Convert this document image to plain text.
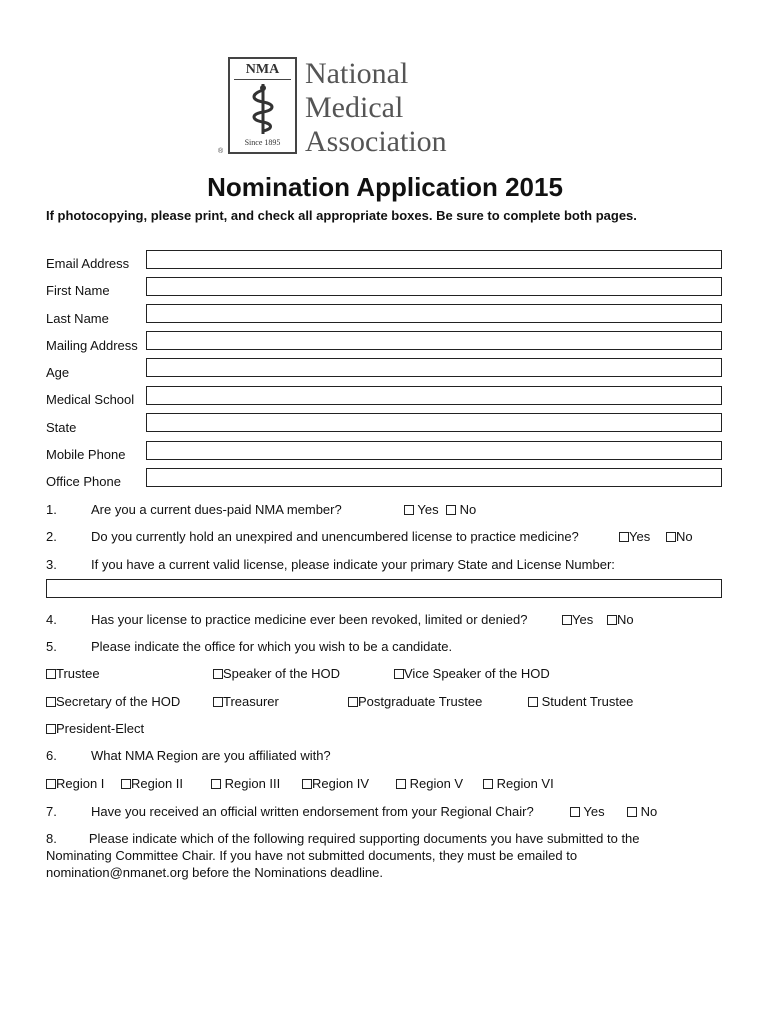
NMA
Since 1895
®
National
Medical
Association
Nomination Application 2015
If photocopying, please print, and check all appropriate boxes. Be sure to complete both pages.
Email Address
First Name
Last Name
Mailing Address
Age
Medical School
State
Mobile Phone
Office Phone
1.	Are you a current dues-paid NMA member?	Yes	No
2.	Do you currently hold an unexpired and unencumbered license to practice medicine?	Yes	No
3.	If you have a current valid license, please indicate your primary State and License Number:
4.	Has your license to practice medicine ever been revoked, limited or denied?	Yes	No
5.	Please indicate the office for which you wish to be a candidate.
Trustee	Speaker of the HOD	Vice Speaker of the HOD
Secretary of the HOD	Treasurer	Postgraduate Trustee	Student Trustee
President-Elect
6.	What NMA Region are you affiliated with?
Region I	Region II	Region III	Region IV	Region V	Region VI
7.	Have you received an official written endorsement from your Regional Chair?	Yes	No
8. Please indicate which of the following required supporting documents you have submitted to the Nominating Committee Chair. If you have not submitted documents, they must be emailed to nomination@nmanet.org before the Nominations deadline.
